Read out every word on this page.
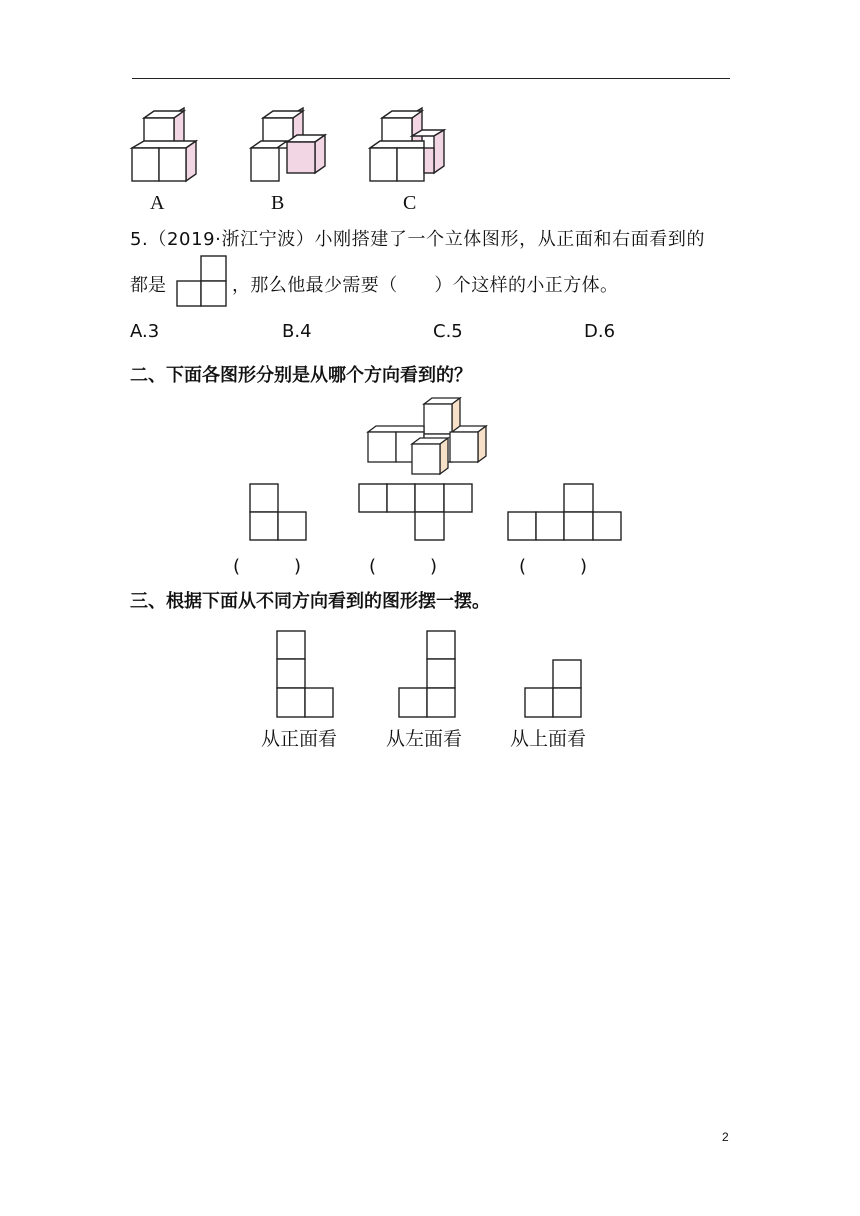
A	B	C
5.（2019·浙江宁波）小刚搭建了一个立体图形，从正面和右面看到的
都是	，那么他最少需要（　　）个这样的小正方体。
A.3	B.4	C.5	D.6
二、下面各图形分别是从哪个方向看到的？
(　　　)	(　　　)	(　　　)
三、根据下面从不同方向看到的图形摆一摆。
从正面看	从左面看	从上面看
2
